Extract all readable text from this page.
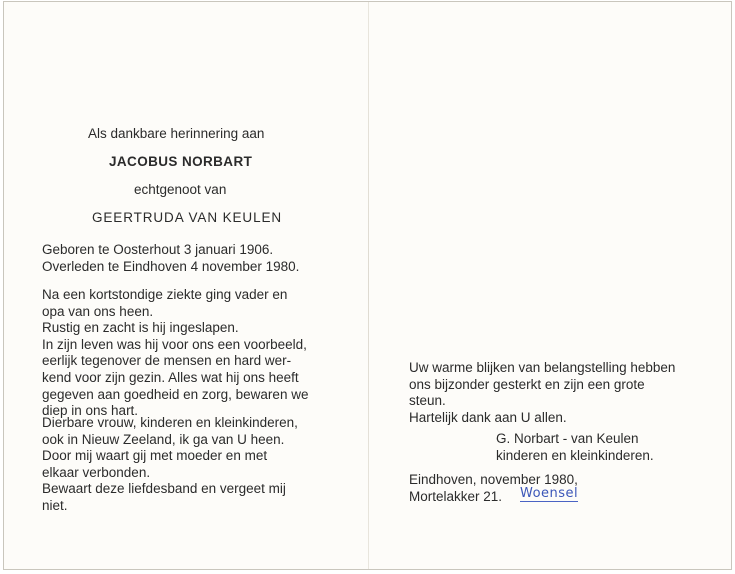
Als dankbare herinnering aan
JACOBUS NORBART
echtgenoot van
GEERTRUDA VAN KEULEN
Geboren te Oosterhout 3 januari 1906.
Overleden te Eindhoven 4 november 1980.
Na een kortstondige ziekte ging vader en
opa van ons heen.
Rustig en zacht is hij ingeslapen.
In zijn leven was hij voor ons een voorbeeld,
eerlijk tegenover de mensen en hard wer-
kend voor zijn gezin. Alles wat hij ons heeft
gegeven aan goedheid en zorg, bewaren we
diep in ons hart.
Dierbare vrouw, kinderen en kleinkinderen,
ook in Nieuw Zeeland, ik ga van U heen.
Door mij waart gij met moeder en met
elkaar verbonden.
Bewaart deze liefdesband en vergeet mij
niet.
Uw warme blijken van belangstelling hebben
ons bijzonder gesterkt en zijn een grote
steun.
Hartelijk dank aan U allen.
G. Norbart - van Keulen
kinderen en kleinkinderen.
Eindhoven, november 1980,
Mortelakker 21.	Woensel
